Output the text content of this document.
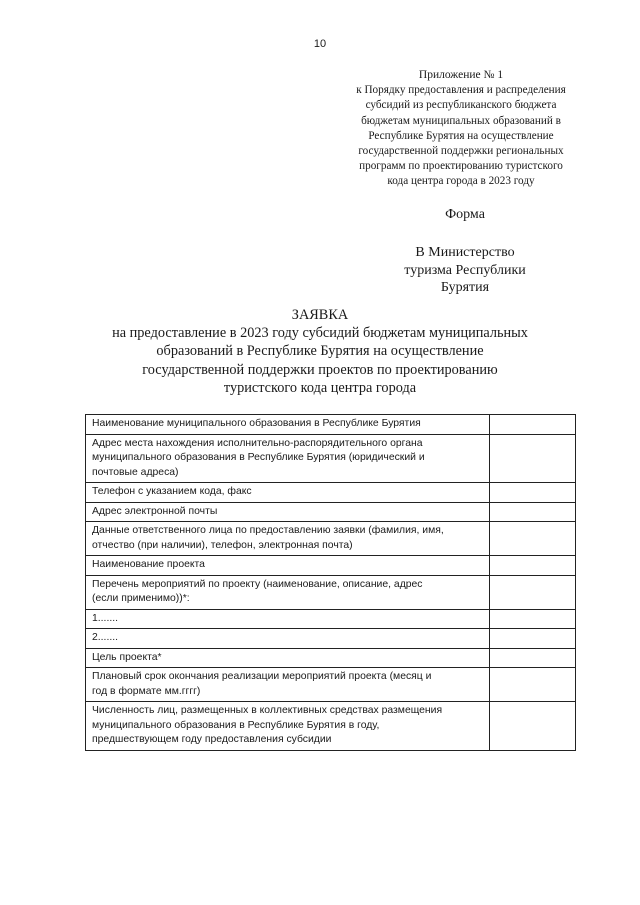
10
Приложение № 1
к Порядку предоставления и распределения
субсидий из республиканского бюджета
бюджетам муниципальных образований в
Республике Бурятия на осуществление
государственной поддержки региональных
программ по проектированию туристского
кода центра города в 2023 году
Форма
В Министерство
туризма Республики
Бурятия
ЗАЯВКА
на предоставление в 2023 году субсидий бюджетам муниципальных
образований в Республике Бурятия на осуществление
государственной поддержки проектов по проектированию
туристского кода центра города
Наименование муниципального образования в Республике Бурятия	

Адрес места нахождения исполнительно-распорядительного органа
муниципального образования в Республике Бурятия (юридический и
почтовые адреса)	

Телефон с указанием кода, факс	

Адрес электронной почты	

Данные ответственного лица по предоставлению заявки (фамилия, имя,
отчество (при наличии), телефон, электронная почта)	

Наименование проекта	

Перечень мероприятий по проекту (наименование, описание, адрес
(если применимо))*:	

1.......	

2.......	

Цель проекта*	

Плановый срок окончания реализации мероприятий проекта (месяц и
год в формате мм.гггг)	

Численность лиц, размещенных в коллективных средствах размещения
муниципального образования в Республике Бурятия в году,
предшествующем году предоставления субсидии	
